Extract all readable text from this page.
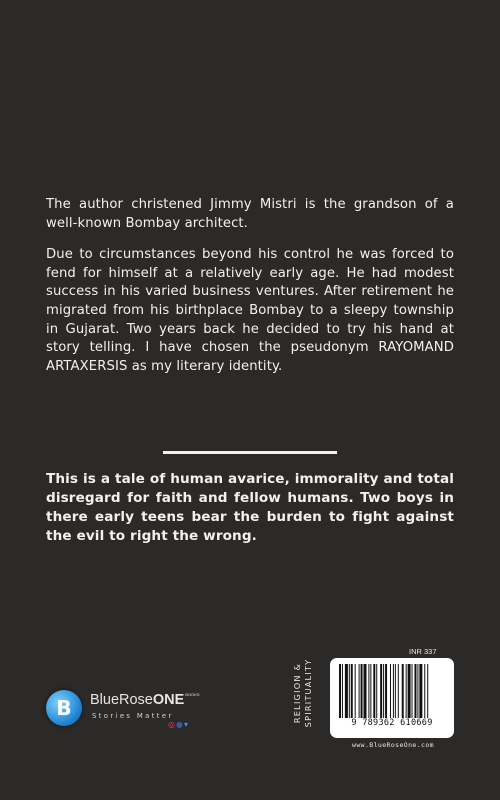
The author christened Jimmy Mistri is the grandson of a well-known Bombay architect.

Due to circumstances beyond his control he was forced to fend for himself at a relatively early age. He had modest success in his varied business ventures. After retirement he migrated from his birthplace Bombay to a sleepy township in Gujarat. Two years back he decided to try his hand at story telling. I have chosen the pseudonym RAYOMAND ARTAXERSIS as my literary identity.

This is a tale of human avarice, immorality and total disregard for faith and fellow humans. Two boys in there early teens bear the burden to fight against the evil to right the wrong.
B	BlueRoseONE$^{BOOKS}$
Stories Matter
◎●▾
RELIGION & SPIRITUALITY
INR 337
9 789362 610669
www.BlueRoseOne.com
